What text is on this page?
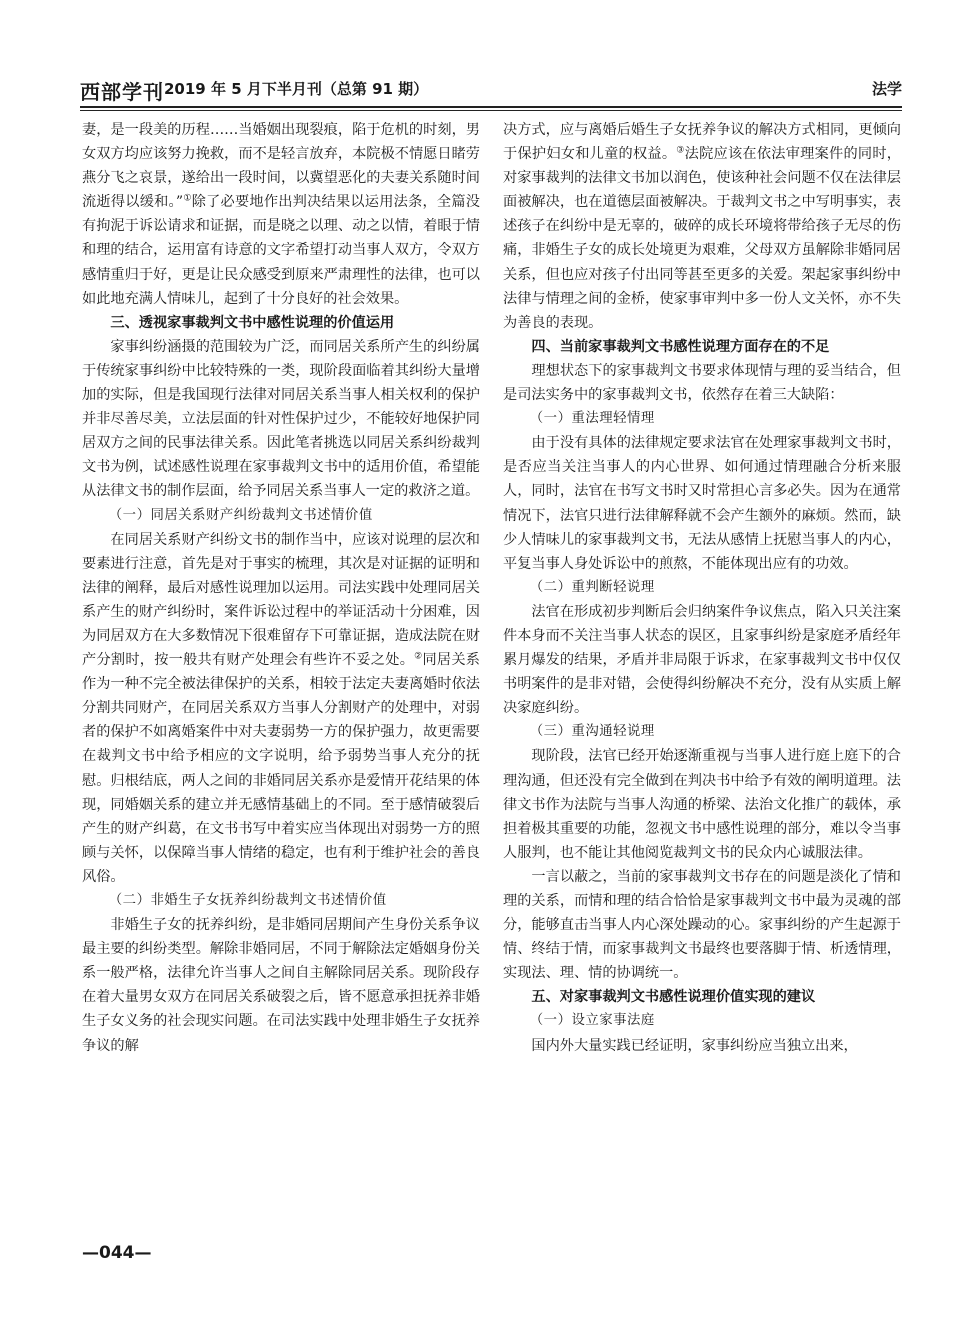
西部学刊 2019 年 5 月下半月刊（总第 91 期）	法学

妻，是一段美的历程……当婚姻出现裂痕，陷于危机的时刻，男女双方均应该努力挽救，而不是轻言放弃，本院极不情愿日睹劳燕分飞之哀景，遂给出一段时间，以冀望恶化的夫妻关系随时间流逝得以缓和。”①除了必要地作出判决结果以运用法条，全篇没有拘泥于诉讼请求和证据，而是晓之以理、动之以情，着眼于情和理的结合，运用富有诗意的文字希望打动当事人双方，令双方感情重归于好，更是让民众感受到原来严肃理性的法律，也可以如此地充满人情味儿，起到了十分良好的社会效果。

三、透视家事裁判文书中感性说理的价值运用

家事纠纷涵摄的范围较为广泛，而同居关系所产生的纠纷属于传统家事纠纷中比较特殊的一类，现阶段面临着其纠纷大量增加的实际，但是我国现行法律对同居关系当事人相关权利的保护并非尽善尽美，立法层面的针对性保护过少，不能较好地保护同居双方之间的民事法律关系。因此笔者挑选以同居关系纠纷裁判文书为例，试述感性说理在家事裁判文书中的适用价值，希望能从法律文书的制作层面，给予同居关系当事人一定的救济之道。

（一）同居关系财产纠纷裁判文书述情价值

在同居关系财产纠纷文书的制作当中，应该对说理的层次和要素进行注意，首先是对于事实的梳理，其次是对证据的证明和法律的阐释，最后对感性说理加以运用。司法实践中处理同居关系产生的财产纠纷时，案件诉讼过程中的举证活动十分困难，因为同居双方在大多数情况下很难留存下可靠证据，造成法院在财产分割时，按一般共有财产处理会有些许不妥之处。②同居关系作为一种不完全被法律保护的关系，相较于法定夫妻离婚时依法分割共同财产，在同居关系双方当事人分割财产的处理中，对弱者的保护不如离婚案件中对夫妻弱势一方的保护强力，故更需要在裁判文书中给予相应的文字说明，给予弱势当事人充分的抚慰。归根结底，两人之间的非婚同居关系亦是爱情开花结果的体现，同婚姻关系的建立并无感情基础上的不同。至于感情破裂后产生的财产纠葛，在文书书写中着实应当体现出对弱势一方的照顾与关怀，以保障当事人情绪的稳定，也有利于维护社会的善良风俗。

（二）非婚生子女抚养纠纷裁判文书述情价值

非婚生子女的抚养纠纷，是非婚同居期间产生身份关系争议最主要的纠纷类型。解除非婚同居，不同于解除法定婚姻身份关系一般严格，法律允许当事人之间自主解除同居关系。现阶段存在着大量男女双方在同居关系破裂之后，皆不愿意承担抚养非婚生子女义务的社会现实问题。在司法实践中处理非婚生子女抚养争议的解

决方式，应与离婚后婚生子女抚养争议的解决方式相同，更倾向于保护妇女和儿童的权益。③法院应该在依法审理案件的同时，对家事裁判的法律文书加以润色，使该种社会问题不仅在法律层面被解决，也在道德层面被解决。于裁判文书之中写明事实，表述孩子在纠纷中是无辜的，破碎的成长环境将带给孩子无尽的伤痛，非婚生子女的成长处境更为艰难，父母双方虽解除非婚同居关系，但也应对孩子付出同等甚至更多的关爱。架起家事纠纷中法律与情理之间的金桥，使家事审判中多一份人文关怀，亦不失为善良的表现。

四、当前家事裁判文书感性说理方面存在的不足

理想状态下的家事裁判文书要求体现情与理的妥当结合，但是司法实务中的家事裁判文书，依然存在着三大缺陷：

（一）重法理轻情理

由于没有具体的法律规定要求法官在处理家事裁判文书时，是否应当关注当事人的内心世界、如何通过情理融合分析来服人，同时，法官在书写文书时又时常担心言多必失。因为在通常情况下，法官只进行法律解释就不会产生额外的麻烦。然而，缺少人情味儿的家事裁判文书，无法从感情上抚慰当事人的内心，平复当事人身处诉讼中的煎熬，不能体现出应有的功效。

（二）重判断轻说理

法官在形成初步判断后会归纳案件争议焦点，陷入只关注案件本身而不关注当事人状态的误区，且家事纠纷是家庭矛盾经年累月爆发的结果，矛盾并非局限于诉求，在家事裁判文书中仅仅书明案件的是非对错，会使得纠纷解决不充分，没有从实质上解决家庭纠纷。

（三）重沟通轻说理

现阶段，法官已经开始逐渐重视与当事人进行庭上庭下的合理沟通，但还没有完全做到在判决书中给予有效的阐明道理。法律文书作为法院与当事人沟通的桥梁、法治文化推广的载体，承担着极其重要的功能，忽视文书中感性说理的部分，难以令当事人服判，也不能让其他阅览裁判文书的民众内心诚服法律。

一言以蔽之，当前的家事裁判文书存在的问题是淡化了情和理的关系，而情和理的结合恰恰是家事裁判文书中最为灵魂的部分，能够直击当事人内心深处躁动的心。家事纠纷的产生起源于情、终结于情，而家事裁判文书最终也要落脚于情、析透情理，实现法、理、情的协调统一。

五、对家事裁判文书感性说理价值实现的建议
（一）设立家事法庭

国内外大量实践已经证明，家事纠纷应当独立出来，

—044—
